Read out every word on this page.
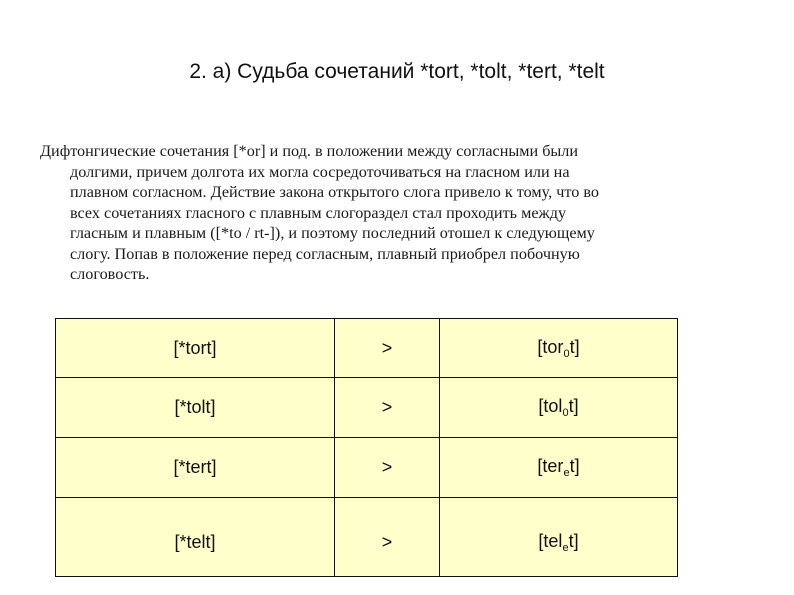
2. а) Судьба сочетаний *tort, *tolt, *tert, *telt
Дифтонгические сочетания [*or] и под. в положении между согласными были
долгими, причем долгота их могла сосредоточиваться на гласном или на
плавном согласном. Действие закона открытого слога привело к тому, что во
всех сочетаниях гласного с плавным слогораздел стал проходить между
гласным и плавным ([*to / rt-]), и поэтому последний отошел к следующему
слогу. Попав в положение перед согласным, плавный приобрел побочную
слоговость.
[*tort]	>	[tor$_0$t]
[*tolt]	>	[tol$_0$t]
[*tert]	>	[ter$_e$t]
[*telt]	>	[tel$_e$t]
